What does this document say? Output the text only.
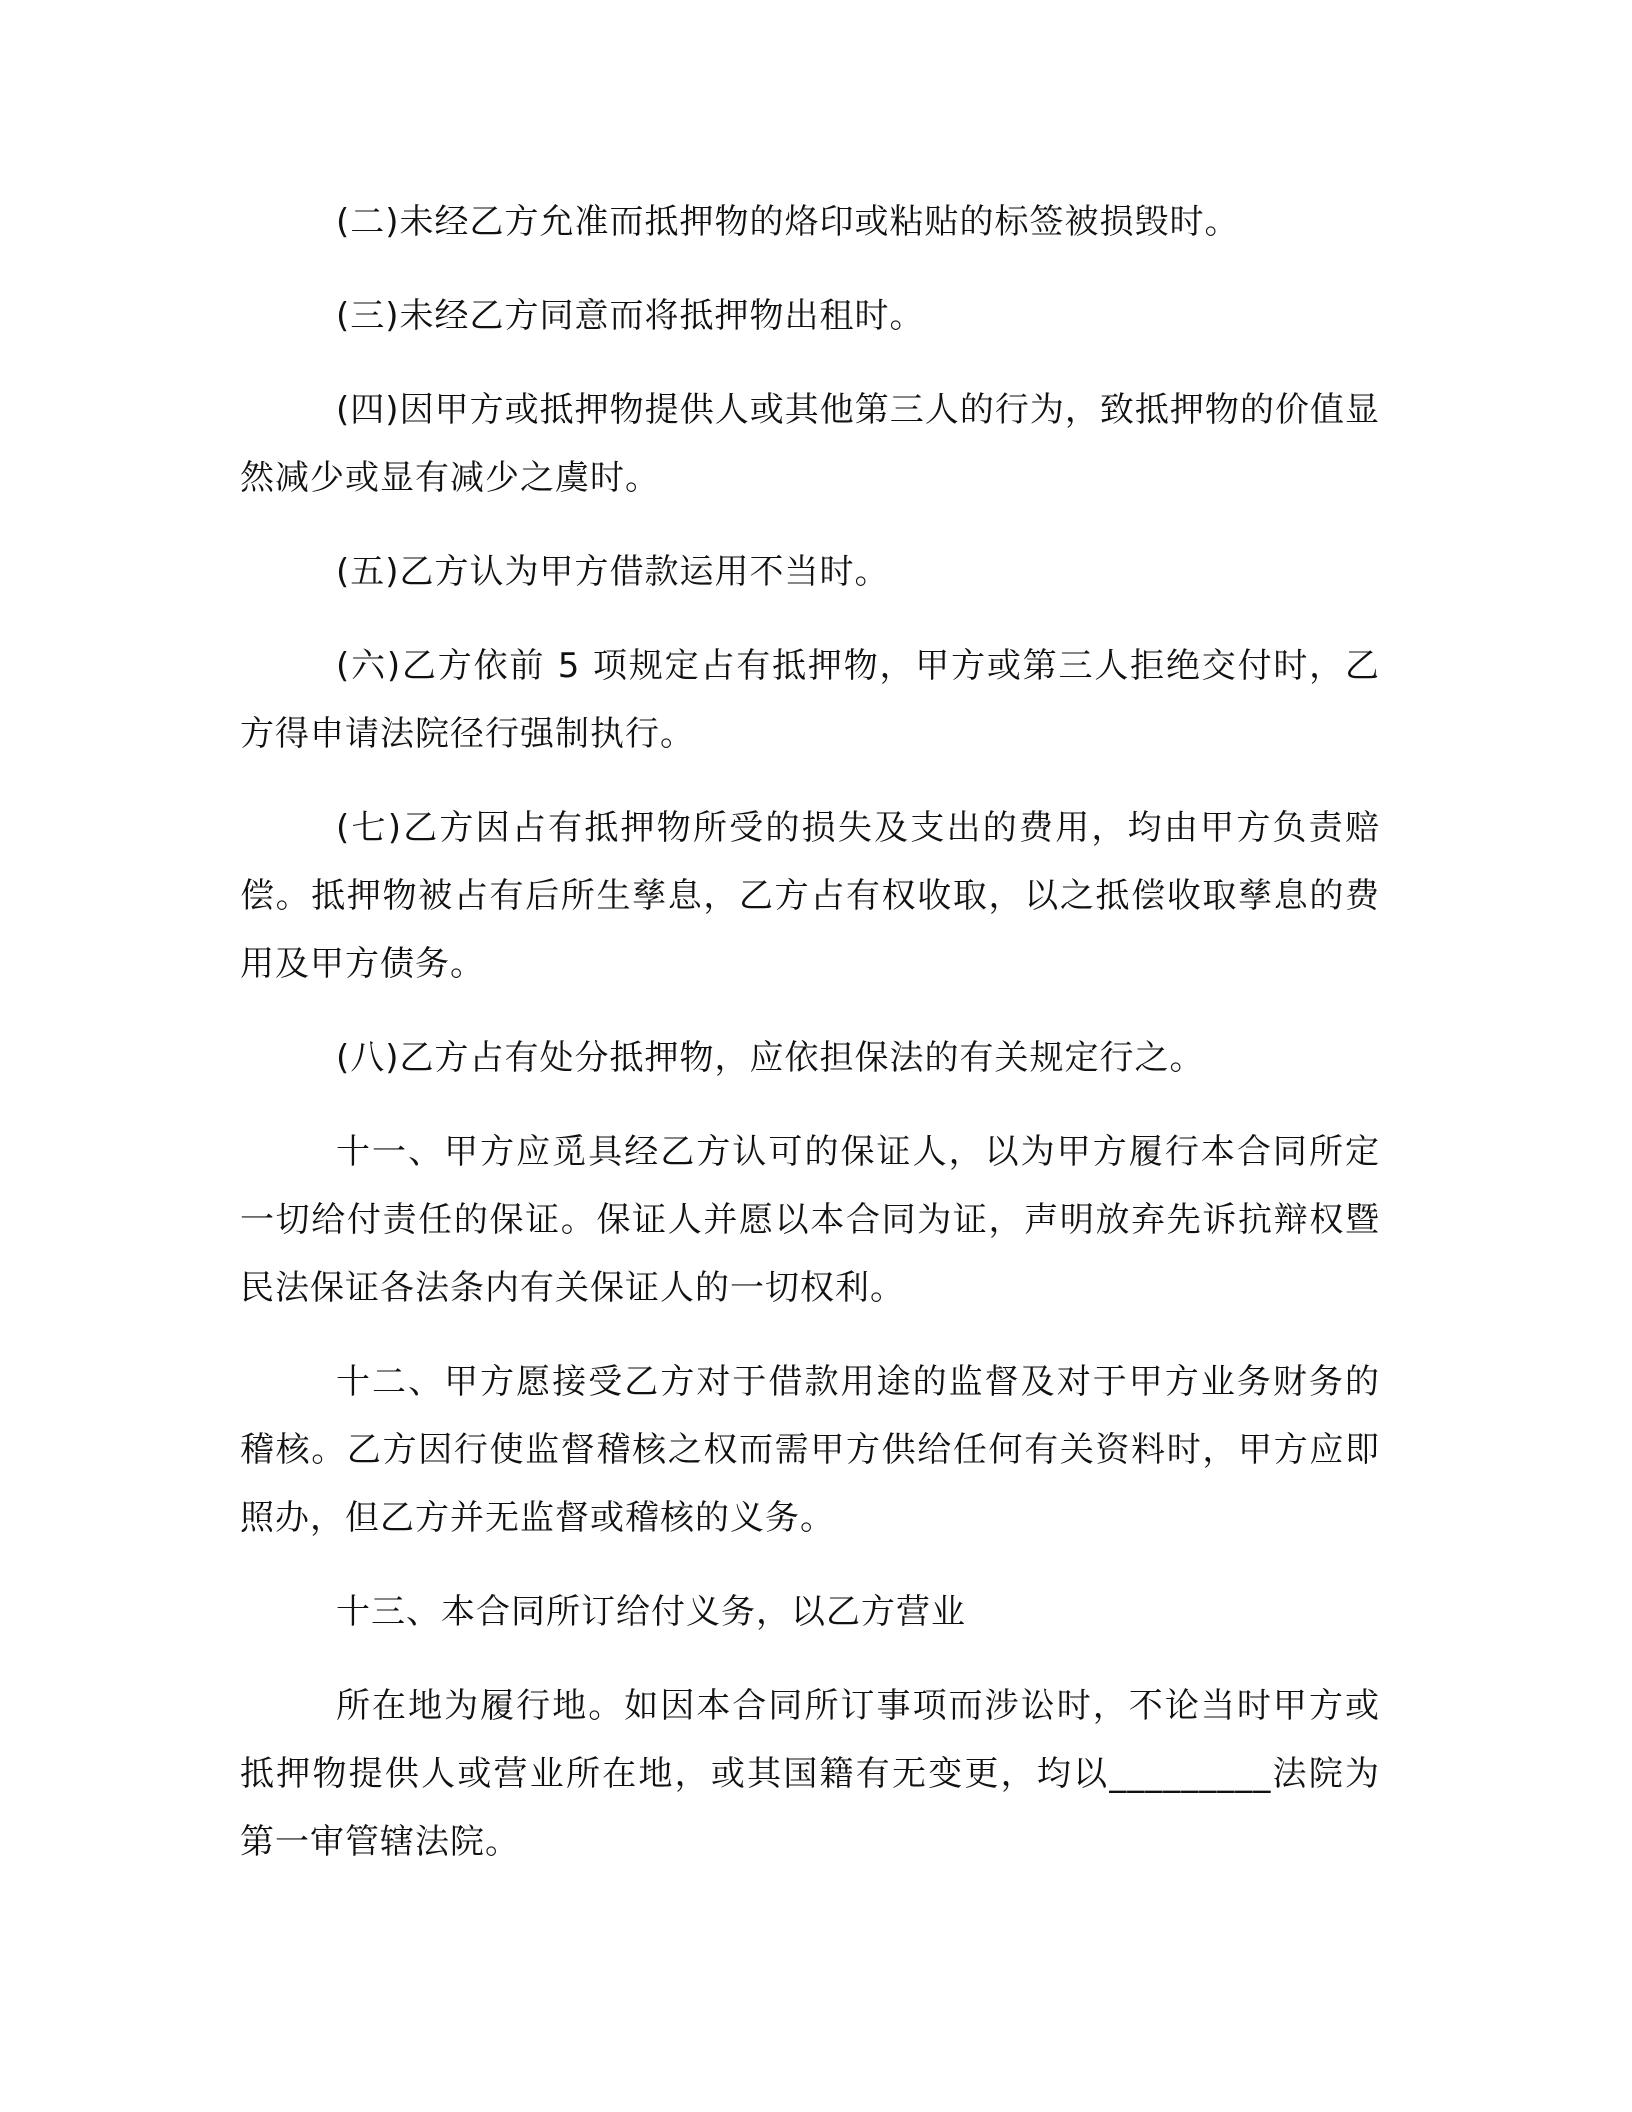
(二)未经乙方允准而抵押物的烙印或粘贴的标签被损毁时。

(三)未经乙方同意而将抵押物出租时。

(四)因甲方或抵押物提供人或其他第三人的行为，致抵押物的价值显然减少或显有减少之虞时。

(五)乙方认为甲方借款运用不当时。

(六)乙方依前 5 项规定占有抵押物，甲方或第三人拒绝交付时，乙方得申请法院径行强制执行。

(七)乙方因占有抵押物所受的损失及支出的费用，均由甲方负责赔偿。抵押物被占有后所生孳息，乙方占有权收取，以之抵偿收取孳息的费用及甲方债务。

(八)乙方占有处分抵押物，应依担保法的有关规定行之。

十一、甲方应觅具经乙方认可的保证人，以为甲方履行本合同所定一切给付责任的保证。保证人并愿以本合同为证，声明放弃先诉抗辩权暨民法保证各法条内有关保证人的一切权利。

十二、甲方愿接受乙方对于借款用途的监督及对于甲方业务财务的稽核。乙方因行使监督稽核之权而需甲方供给任何有关资料时，甲方应即照办，但乙方并无监督或稽核的义务。

十三、本合同所订给付义务，以乙方营业

所在地为履行地。如因本合同所订事项而涉讼时，不论当时甲方或抵押物提供人或营业所在地，或其国籍有无变更，均以_________法院为第一审管辖法院。
